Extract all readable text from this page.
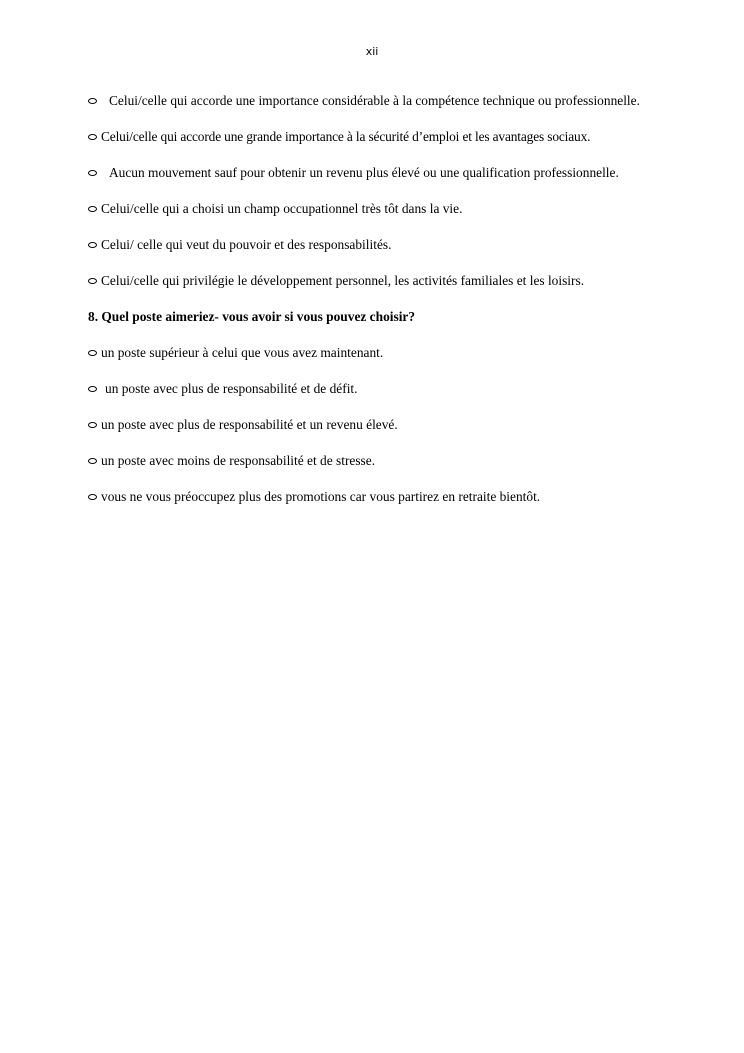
xii

Celui/celle qui accorde une importance considérable à la compétence technique ou professionnelle.

Celui/celle qui accorde une grande importance à la sécurité d’emploi et les avantages sociaux.

Aucun mouvement sauf pour obtenir un revenu plus élevé ou une qualification professionnelle.

Celui/celle qui a choisi un champ occupationnel très tôt dans la vie.

Celui/ celle qui veut du pouvoir et des responsabilités.

Celui/celle qui privilégie le développement personnel, les activités familiales et les loisirs.

8. Quel poste aimeriez- vous avoir si vous pouvez choisir?

un poste supérieur à celui que vous avez maintenant.

un poste avec plus de responsabilité et de défit.

un poste avec plus de responsabilité et un revenu élevé.

un poste avec moins de responsabilité et de stresse.

vous ne vous préoccupez plus des promotions car vous partirez en retraite bientôt.
